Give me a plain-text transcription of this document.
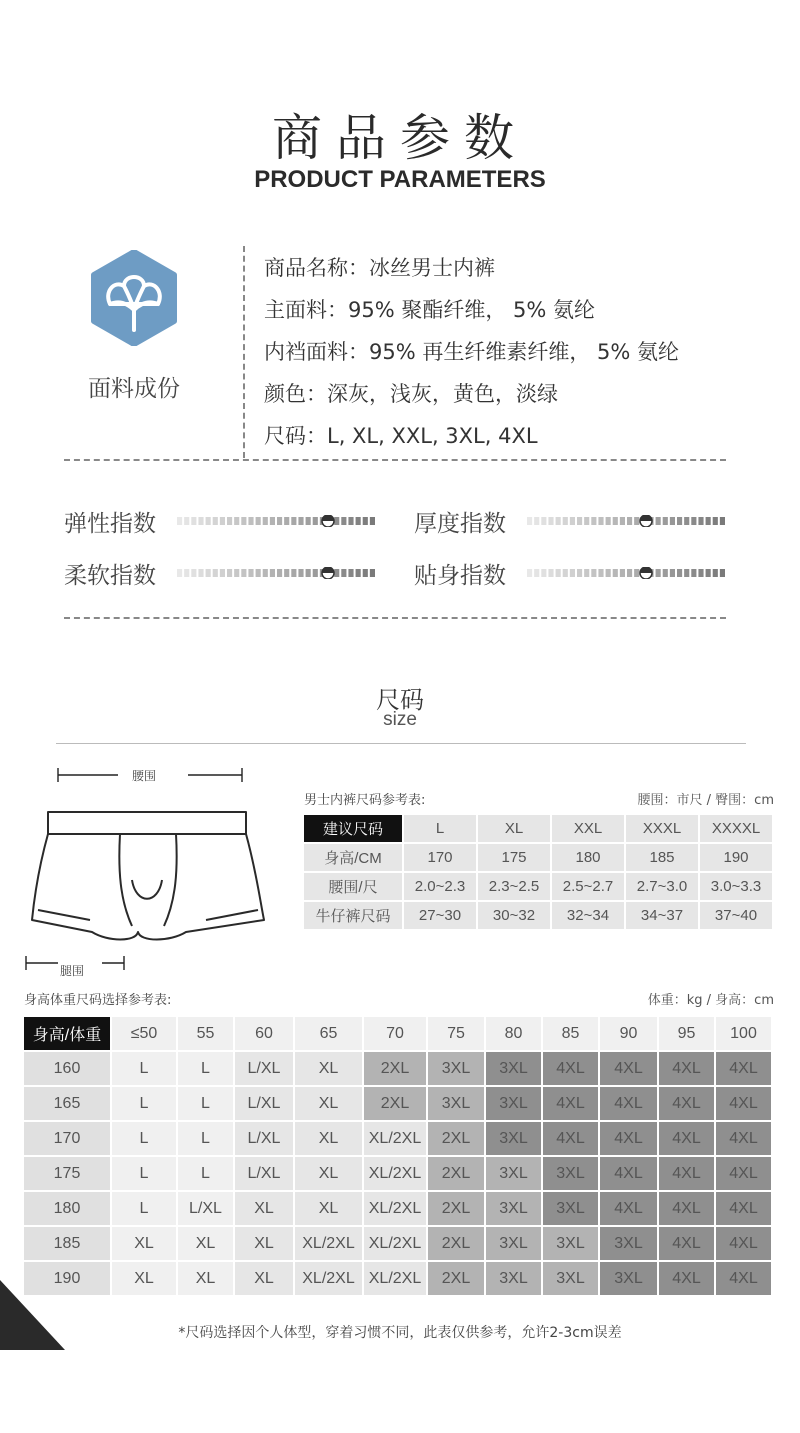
商品参数
PRODUCT PARAMETERS
面料成份
商品名称：冰丝男士内裤
主面料：95% 聚酯纤维， 5% 氨纶
内裆面料：95% 再生纤维素纤维， 5% 氨纶
颜色：深灰，浅灰，黄色，淡绿
尺码：L, XL, XXL, 3XL, 4XL
弹性指数	厚度指数
柔软指数	贴身指数
尺码
size
腰围
腿围
男士内裤尺码参考表:	腰围：市尺 / 臀围：cm
建议尺码	L	XL	XXL	XXXL	XXXXL
身高/CM	170	175	180	185	190
腰围/尺	2.0~2.3	2.3~2.5	2.5~2.7	2.7~3.0	3.0~3.3
牛仔裤尺码	27~30	30~32	32~34	34~37	37~40
身高体重尺码选择参考表:	体重：kg / 身高：cm
身高/体重	≤50	55	60	65	70	75	80	85	90	95	100
160	L	L	L/XL	XL	2XL	3XL	3XL	4XL	4XL	4XL	4XL
165	L	L	L/XL	XL	2XL	3XL	3XL	4XL	4XL	4XL	4XL
170	L	L	L/XL	XL	XL/2XL	2XL	3XL	4XL	4XL	4XL	4XL
175	L	L	L/XL	XL	XL/2XL	2XL	3XL	3XL	4XL	4XL	4XL
180	L	L/XL	XL	XL	XL/2XL	2XL	3XL	3XL	4XL	4XL	4XL
185	XL	XL	XL	XL/2XL	XL/2XL	2XL	3XL	3XL	3XL	4XL	4XL
190	XL	XL	XL	XL/2XL	XL/2XL	2XL	3XL	3XL	3XL	4XL	4XL
*尺码选择因个人体型，穿着习惯不同，此表仅供参考，允许2-3cm误差
